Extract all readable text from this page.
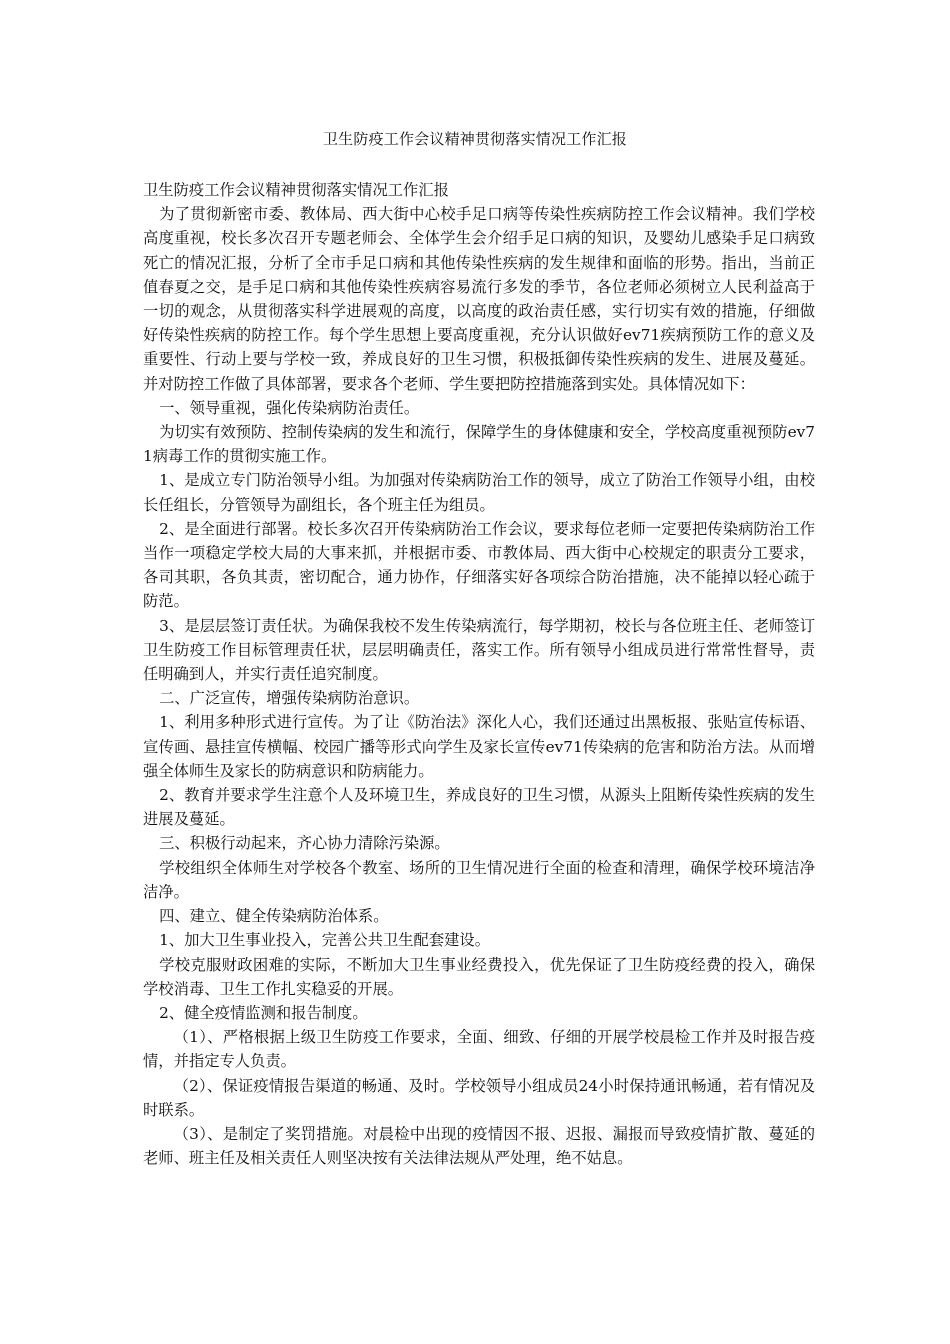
卫生防疫工作会议精神贯彻落实情况工作汇报

卫生防疫工作会议精神贯彻落实情况工作汇报

为了贯彻新密市委、教体局、西大街中心校手足口病等传染性疾病防控工作会议精神。我们学校高度重视，校长多次召开专题老师会、全体学生会介绍手足口病的知识，及婴幼儿感染手足口病致死亡的情况汇报，分析了全市手足口病和其他传染性疾病的发生规律和面临的形势。指出，当前正值春夏之交，是手足口病和其他传染性疾病容易流行多发的季节，各位老师必须树立人民利益高于一切的观念，从贯彻落实科学进展观的高度，以高度的政治责任感，实行切实有效的措施，仔细做好传染性疾病的防控工作。每个学生思想上要高度重视，充分认识做好ev71疾病预防工作的意义及重要性、行动上要与学校一致，养成良好的卫生习惯，积极抵御传染性疾病的发生、进展及蔓延。并对防控工作做了具体部署，要求各个老师、学生要把防控措施落到实处。具体情况如下：

一、领导重视，强化传染病防治责任。

为切实有效预防、控制传染病的发生和流行，保障学生的身体健康和安全，学校高度重视预防ev71病毒工作的贯彻实施工作。

1、是成立专门防治领导小组。为加强对传染病防治工作的领导，成立了防治工作领导小组，由校长任组长，分管领导为副组长，各个班主任为组员。

2、是全面进行部署。校长多次召开传染病防治工作会议，要求每位老师一定要把传染病防治工作当作一项稳定学校大局的大事来抓，并根据市委、市教体局、西大街中心校规定的职责分工要求，各司其职，各负其责，密切配合，通力协作，仔细落实好各项综合防治措施，决不能掉以轻心疏于防范。

3、是层层签订责任状。为确保我校不发生传染病流行，每学期初，校长与各位班主任、老师签订卫生防疫工作目标管理责任状，层层明确责任，落实工作。所有领导小组成员进行常常性督导，责任明确到人，并实行责任追究制度。

二、广泛宣传，增强传染病防治意识。

1、利用多种形式进行宣传。为了让《防治法》深化人心，我们还通过出黑板报、张贴宣传标语、宣传画、悬挂宣传横幅、校园广播等形式向学生及家长宣传ev71传染病的危害和防治方法。从而增强全体师生及家长的防病意识和防病能力。

2、教育并要求学生注意个人及环境卫生，养成良好的卫生习惯，从源头上阻断传染性疾病的发生进展及蔓延。

三、积极行动起来，齐心协力清除污染源。

学校组织全体师生对学校各个教室、场所的卫生情况进行全面的检查和清理，确保学校环境洁净洁净。

四、建立、健全传染病防治体系。

1、加大卫生事业投入，完善公共卫生配套建设。

学校克服财政困难的实际，不断加大卫生事业经费投入，优先保证了卫生防疫经费的投入，确保学校消毒、卫生工作扎实稳妥的开展。

2、健全疫情监测和报告制度。

（1）、严格根据上级卫生防疫工作要求，全面、细致、仔细的开展学校晨检工作并及时报告疫情，并指定专人负责。

（2）、保证疫情报告渠道的畅通、及时。学校领导小组成员24小时保持通讯畅通，若有情况及时联系。

（3）、是制定了奖罚措施。对晨检中出现的疫情因不报、迟报、漏报而导致疫情扩散、蔓延的老师、班主任及相关责任人则坚决按有关法律法规从严处理，绝不姑息。
